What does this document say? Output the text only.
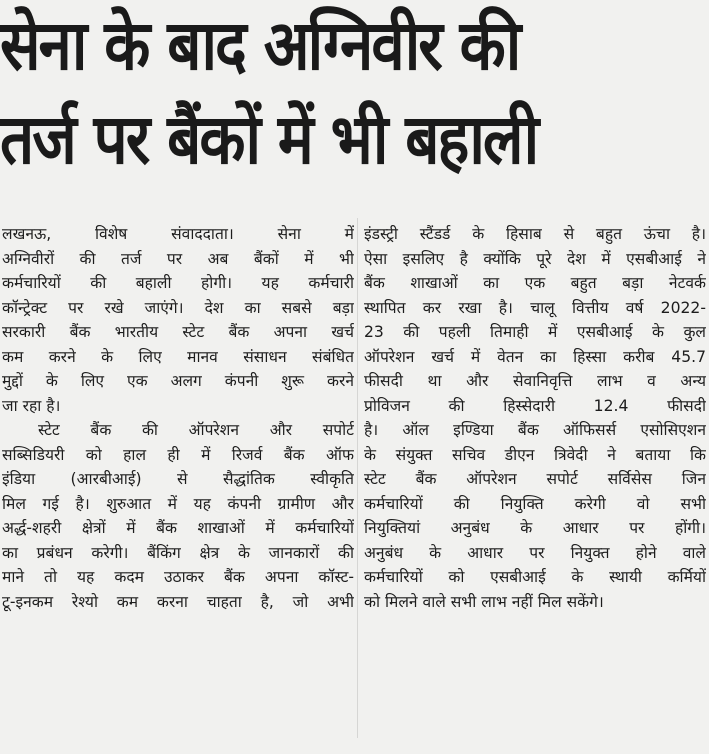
सेना के बाद अग्निवीर की
तर्ज पर बैंकों में भी बहाली
लखनऊ, विशेष संवाददाता। सेना में
अग्निवीरों की तर्ज पर अब बैंकों में भी
कर्मचारियों की बहाली होगी। यह कर्मचारी
कॉन्ट्रेक्ट पर रखे जाएंगे। देश का सबसे बड़ा
सरकारी बैंक भारतीय स्टेट बैंक अपना खर्च
कम करने के लिए मानव संसाधन संबंधित
मुद्दों के लिए एक अलग कंपनी शुरू करने
जा रहा है।
स्टेट बैंक की ऑपरेशन और सपोर्ट
सब्सिडियरी को हाल ही में रिजर्व बैंक ऑफ
इंडिया (आरबीआई) से सैद्धांतिक स्वीकृति
मिल गई है। शुरुआत में यह कंपनी ग्रामीण और
अर्द्ध-शहरी क्षेत्रों में बैंक शाखाओं में कर्मचारियों
का प्रबंधन करेगी। बैंकिंग क्षेत्र के जानकारों की
माने तो यह कदम उठाकर बैंक अपना कॉस्ट-
टू-इनकम रेश्यो कम करना चाहता है, जो अभी
इंडस्ट्री स्टैंडर्ड के हिसाब से बहुत ऊंचा है।
ऐसा इसलिए है क्योंकि पूरे देश में एसबीआई ने
बैंक शाखाओं का एक बहुत बड़ा नेटवर्क
स्थापित कर रखा है। चालू वित्तीय वर्ष 2022-
23 की पहली तिमाही में एसबीआई के कुल
ऑपरेशन खर्च में वेतन का हिस्सा करीब 45.7
फीसदी था और सेवानिवृत्ति लाभ व अन्य
प्रोविजन की हिस्सेदारी 12.4 फीसदी
है। ऑल इण्डिया बैंक ऑफिसर्स एसोसिएशन
के संयुक्त सचिव डीएन त्रिवेदी ने बताया कि
स्टेट बैंक ऑपरेशन सपोर्ट सर्विसेस जिन
कर्मचारियों की नियुक्ति करेगी वो सभी
नियुक्तियां अनुबंध के आधार पर होंगी।
अनुबंध के आधार पर नियुक्त होने वाले
कर्मचारियों को एसबीआई के स्थायी कर्मियों
को मिलने वाले सभी लाभ नहीं मिल सकेंगे।
